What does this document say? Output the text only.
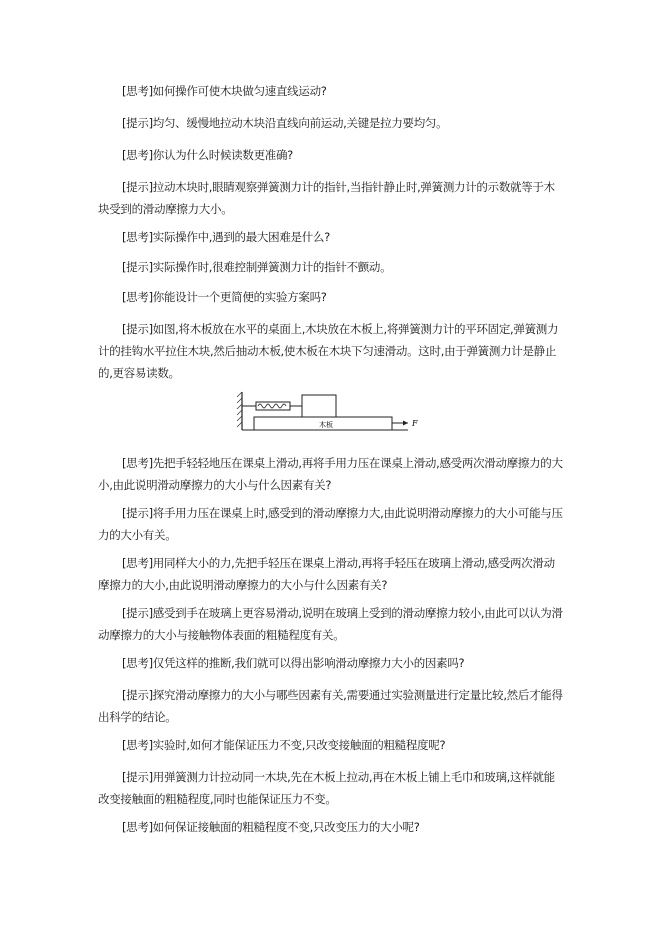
[思考]如何操作可使木块做匀速直线运动?

[提示]均匀、缓慢地拉动木块沿直线向前运动,关键是拉力要均匀。

[思考]你认为什么时候读数更准确?

[提示]拉动木块时,眼睛观察弹簧测力计的指针,当指针静止时,弹簧测力计的示数就等于木块受到的滑动摩擦力大小。

[思考]实际操作中,遇到的最大困难是什么?

[提示]实际操作时,很难控制弹簧测力计的指针不颤动。

[思考]你能设计一个更简便的实验方案吗?

[提示]如图,将木板放在水平的桌面上,木块放在木板上,将弹簧测力计的平环固定,弹簧测力计的挂钩水平拉住木块,然后抽动木板,使木板在木块下匀速滑动。这时,由于弹簧测力计是静止的,更容易读数。

木板	F

[思考]先把手轻轻地压在课桌上滑动,再将手用力压在课桌上滑动,感受两次滑动摩擦力的大小,由此说明滑动摩擦力的大小与什么因素有关?

[提示]将手用力压在课桌上时,感受到的滑动摩擦力大,由此说明滑动摩擦力的大小可能与压力的大小有关。

[思考]用同样大小的力,先把手轻压在课桌上滑动,再将手轻压在玻璃上滑动,感受两次滑动摩擦力的大小,由此说明滑动摩擦力的大小与什么因素有关?

[提示]感受到手在玻璃上更容易滑动,说明在玻璃上受到的滑动摩擦力较小,由此可以认为滑动摩擦力的大小与接触物体表面的粗糙程度有关。

[思考]仅凭这样的推断,我们就可以得出影响滑动摩擦力大小的因素吗?

[提示]探究滑动摩擦力的大小与哪些因素有关,需要通过实验测量进行定量比较,然后才能得出科学的结论。

[思考]实验时,如何才能保证压力不变,只改变接触面的粗糙程度呢?

[提示]用弹簧测力计拉动同一木块,先在木板上拉动,再在木板上铺上毛巾和玻璃,这样就能改变接触面的粗糙程度,同时也能保证压力不变。

[思考]如何保证接触面的粗糙程度不变,只改变压力的大小呢?
